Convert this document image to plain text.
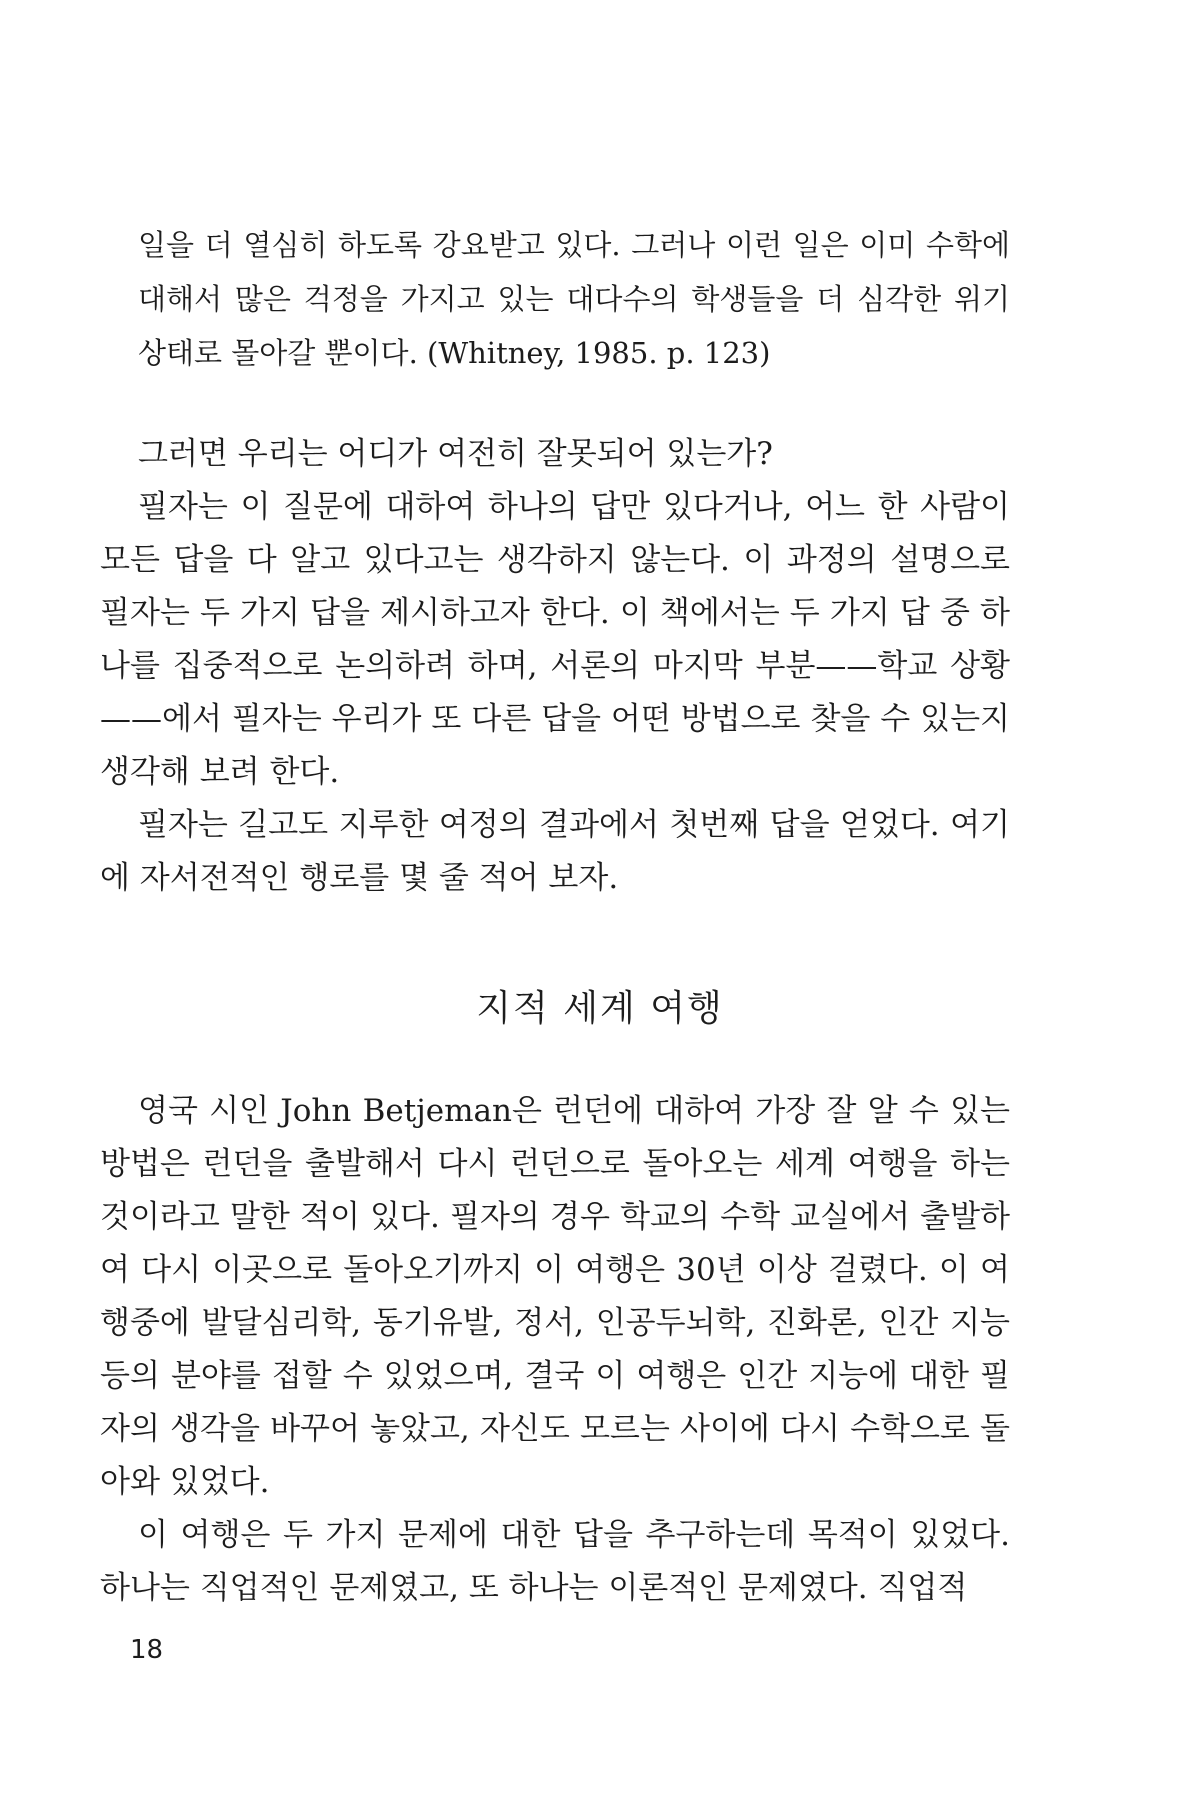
일을 더 열심히 하도록 강요받고 있다. 그러나 이런 일은 이미 수학에 대해서 많은 걱정을 가지고 있는 대다수의 학생들을 더 심각한 위기 상태로 몰아갈 뿐이다. (Whitney, 1985. p. 123)

그러면 우리는 어디가 여전히 잘못되어 있는가?

필자는 이 질문에 대하여 하나의 답만 있다거나, 어느 한 사람이 모든 답을 다 알고 있다고는 생각하지 않는다. 이 과정의 설명으로 필자는 두 가지 답을 제시하고자 한다. 이 책에서는 두 가지 답 중 하나를 집중적으로 논의하려 하며, 서론의 마지막 부분——학교 상황——에서 필자는 우리가 또 다른 답을 어떤 방법으로 찾을 수 있는지 생각해 보려 한다.

필자는 길고도 지루한 여정의 결과에서 첫번째 답을 얻었다. 여기에 자서전적인 행로를 몇 줄 적어 보자.

지적 세계 여행

영국 시인 John Betjeman은 런던에 대하여 가장 잘 알 수 있는 방법은 런던을 출발해서 다시 런던으로 돌아오는 세계 여행을 하는 것이라고 말한 적이 있다. 필자의 경우 학교의 수학 교실에서 출발하여 다시 이곳으로 돌아오기까지 이 여행은 30년 이상 걸렸다. 이 여행중에 발달심리학, 동기유발, 정서, 인공두뇌학, 진화론, 인간 지능 등의 분야를 접할 수 있었으며, 결국 이 여행은 인간 지능에 대한 필자의 생각을 바꾸어 놓았고, 자신도 모르는 사이에 다시 수학으로 돌아와 있었다.

이 여행은 두 가지 문제에 대한 답을 추구하는데 목적이 있었다. 하나는 직업적인 문제였고, 또 하나는 이론적인 문제였다. 직업적

18
